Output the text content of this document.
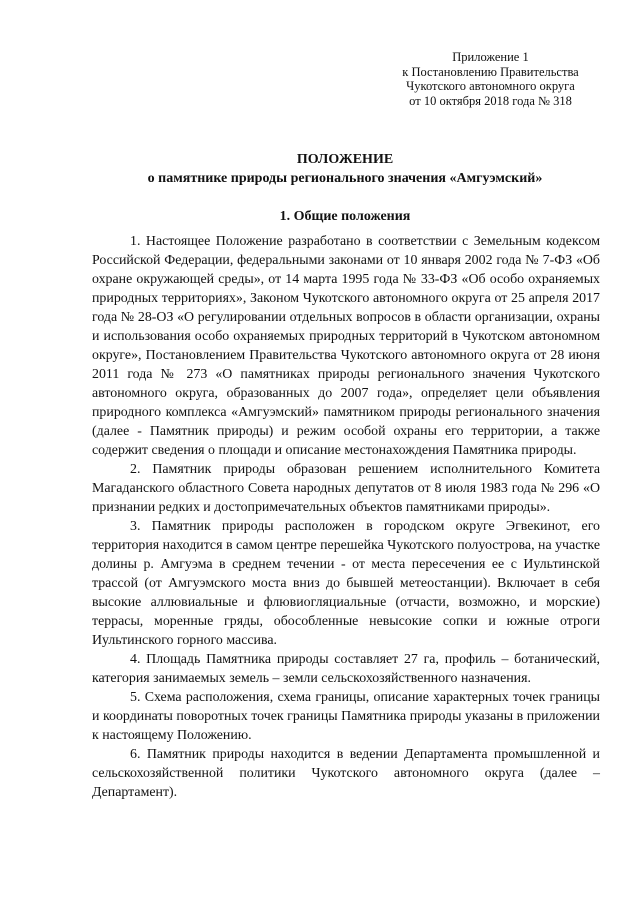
Приложение 1
к Постановлению Правительства
Чукотского автономного округа
от 10 октября 2018 года № 318
ПОЛОЖЕНИЕ
о памятнике природы регионального значения «Амгуэмский»
1. Общие положения

1. Настоящее Положение разработано в соответствии с Земельным кодексом Российской Федерации, федеральными законами от 10 января 2002 года № 7-ФЗ «Об охране окружающей среды», от 14 марта 1995 года № 33-ФЗ «Об особо охраняемых природных территориях», Законом Чукотского автономного округа от 25 апреля 2017 года № 28-ОЗ «О регулировании отдельных вопросов в области организации, охраны и использования особо охраняемых природных территорий в Чукотском автономном округе», Постановлением Правительства Чукотского автономного округа от 28 июня 2011 года № 273 «О памятниках природы регионального значения Чукотского автономного округа, образованных до 2007 года», определяет цели объявления природного комплекса «Амгуэмский» памятником природы регионального значения (далее - Памятник природы) и режим особой охраны его территории, а также содержит сведения о площади и описание местонахождения Памятника природы.

2. Памятник природы образован решением исполнительного Комитета Магаданского областного Совета народных депутатов от 8 июля 1983 года № 296 «О признании редких и достопримечательных объектов памятниками природы».

3. Памятник природы расположен в городском округе Эгвекинот, его территория находится в самом центре перешейка Чукотского полуострова, на участке долины р. Амгуэма в среднем течении - от места пересечения ее с Иультинской трассой (от Амгуэмского моста вниз до бывшей метеостанции). Включает в себя высокие аллювиальные и флювиогляциальные (отчасти, возможно, и морские) террасы, моренные гряды, обособленные невысокие сопки и южные отроги Иультинского горного массива.

4. Площадь Памятника природы составляет 27 га, профиль – ботанический, категория занимаемых земель – земли сельскохозяйственного назначения.

5. Схема расположения, схема границы, описание характерных точек границы и координаты поворотных точек границы Памятника природы указаны в приложении к настоящему Положению.

6. Памятник природы находится в ведении Департамента промышленной и сельскохозяйственной политики Чукотского автономного округа (далее – Департамент).
